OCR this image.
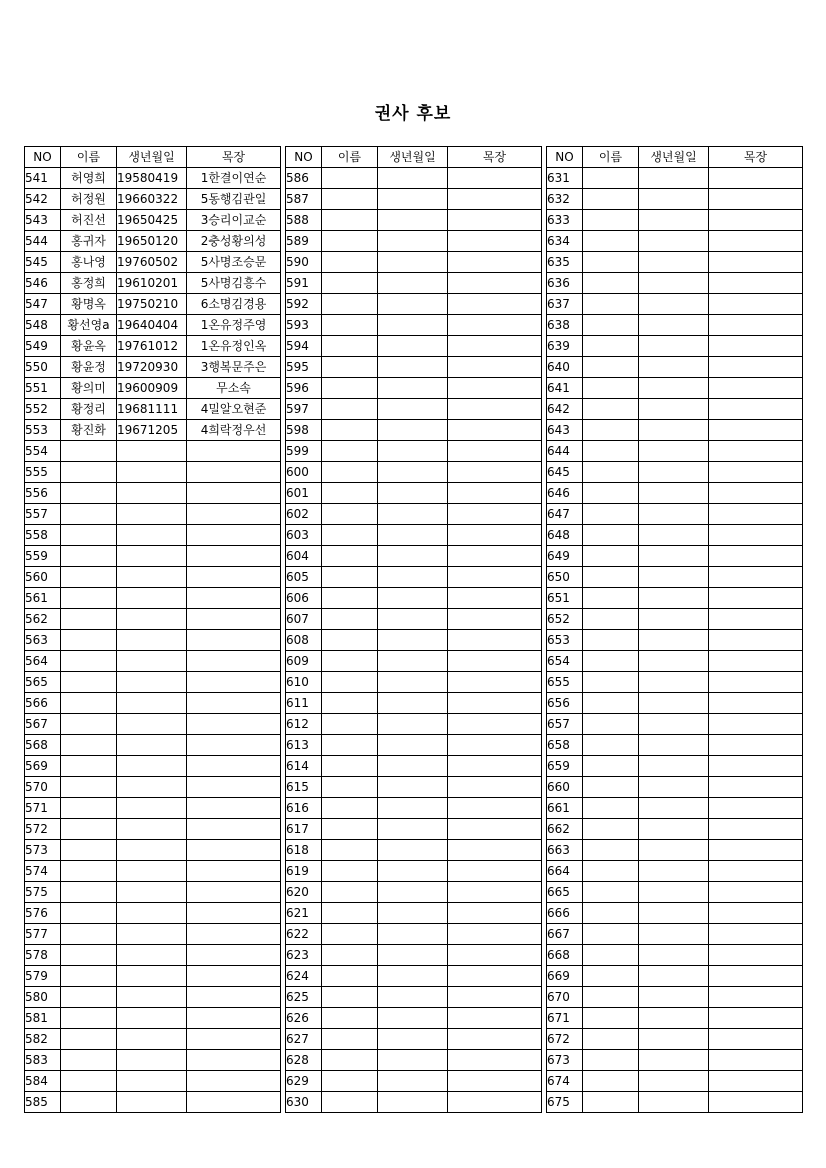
권사 후보
NO	이름	생년월일	목장
541	허영희	19580419	1한결이연순
542	허정원	19660322	5동행김관일
543	허진선	19650425	3승리이교순
544	홍귀자	19650120	2충성황의성
545	홍나영	19760502	5사명조승문
546	홍정희	19610201	5사명김흥수
547	황명옥	19750210	6소명김경용
548	황선영a	19640404	1온유정주영
549	황윤옥	19761012	1온유정인옥
550	황윤정	19720930	3행복문주은
551	황의미	19600909	무소속
552	황정리	19681111	4밀알오현준
553	황진화	19671205	4희락정우선
554			
555			
556			
557			
558			
559			
560			
561			
562			
563			
564			
565			
566			
567			
568			
569			
570			
571			
572			
573			
574			
575			
576			
577			
578			
579			
580			
581			
582			
583			
584			
585			
NO	이름	생년월일	목장
586			
587			
588			
589			
590			
591			
592			
593			
594			
595			
596			
597			
598			
599			
600			
601			
602			
603			
604			
605			
606			
607			
608			
609			
610			
611			
612			
613			
614			
615			
616			
617			
618			
619			
620			
621			
622			
623			
624			
625			
626			
627			
628			
629			
630			
NO	이름	생년월일	목장
631			
632			
633			
634			
635			
636			
637			
638			
639			
640			
641			
642			
643			
644			
645			
646			
647			
648			
649			
650			
651			
652			
653			
654			
655			
656			
657			
658			
659			
660			
661			
662			
663			
664			
665			
666			
667			
668			
669			
670			
671			
672			
673			
674			
675			
